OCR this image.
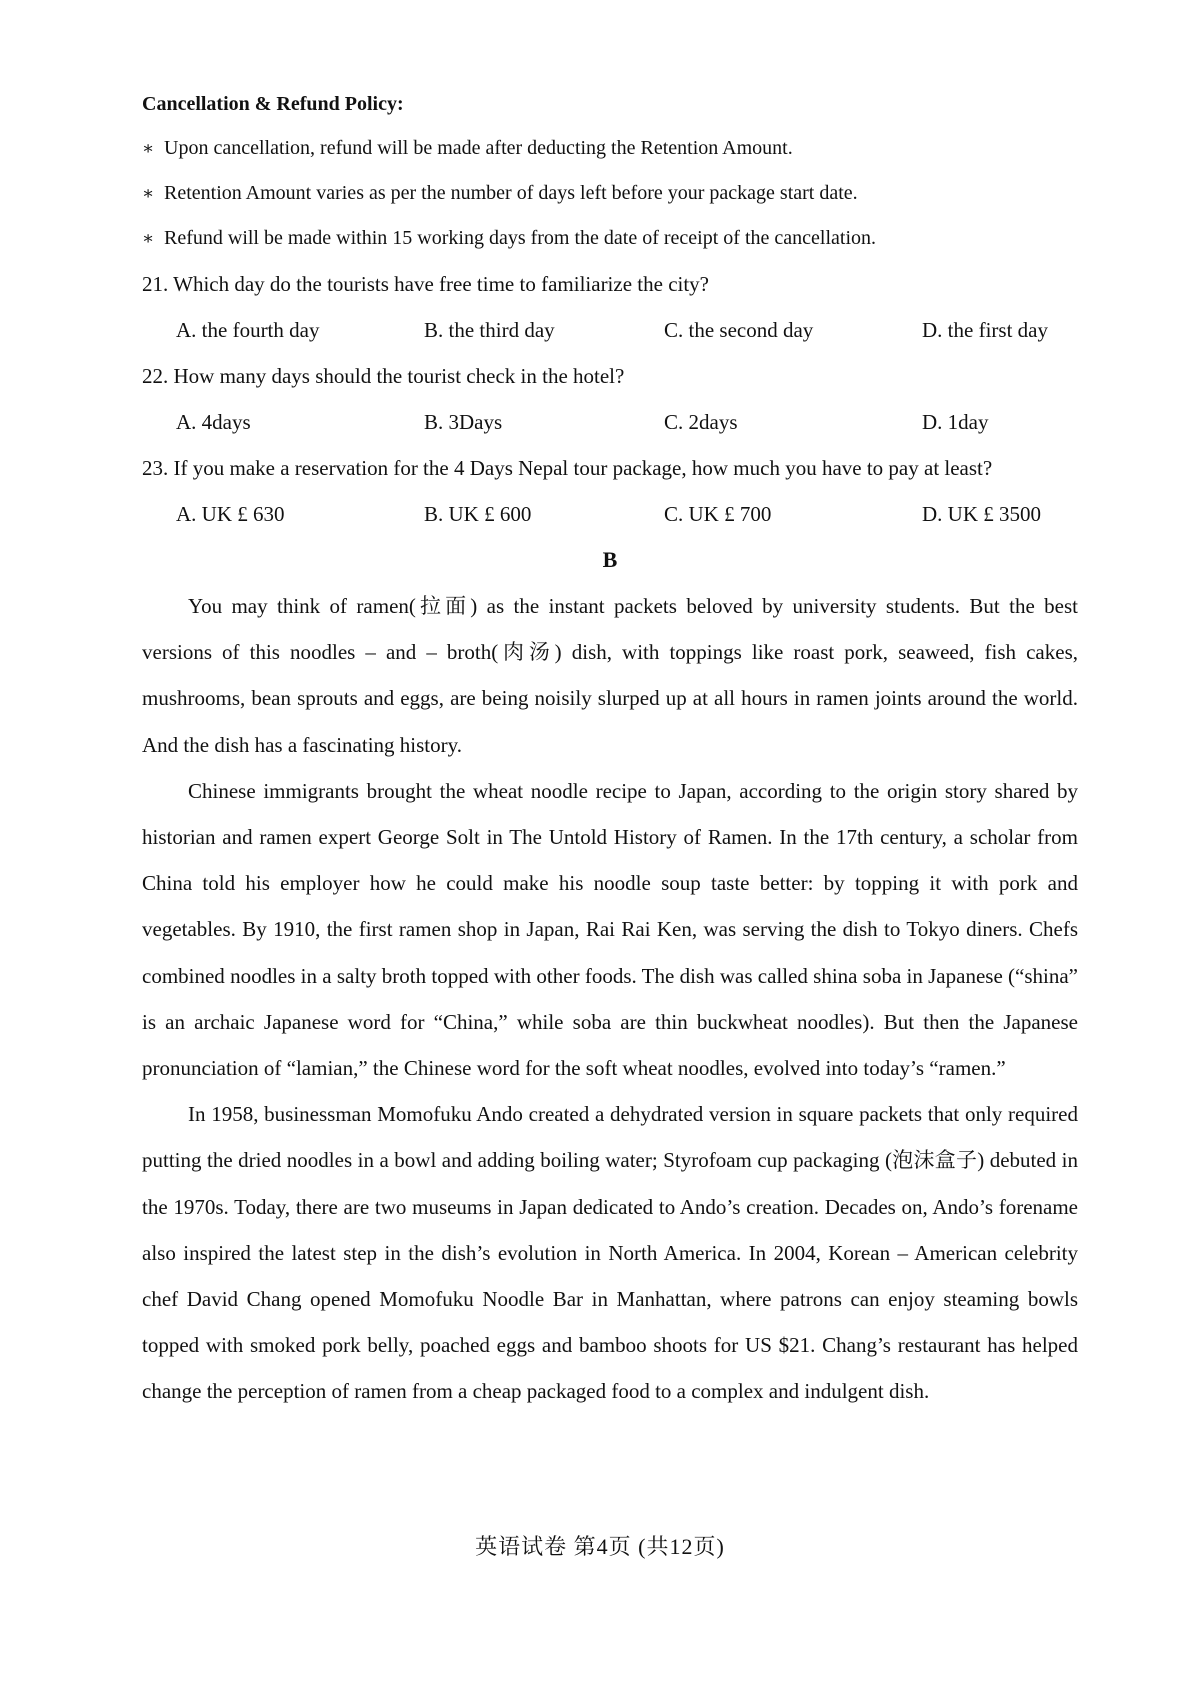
Cancellation & Refund Policy:
∗ Upon cancellation, refund will be made after deducting the Retention Amount.
∗ Retention Amount varies as per the number of days left before your package start date.
∗ Refund will be made within 15 working days from the date of receipt of the cancellation.
21. Which day do the tourists have free time to familiarize the city?
A. the fourth day	B. the third day	C. the second day	D. the first day
22. How many days should the tourist check in the hotel?
A. 4days	B. 3Days	C. 2days	D. 1day
23. If you make a reservation for the 4 Days Nepal tour package, how much you have to pay at least?
A. UK £ 630	B. UK £ 600	C. UK £ 700	D. UK £ 3500
B

You may think of ramen(拉面) as the instant packets beloved by university students. But the best versions of this noodles – and – broth(肉汤) dish, with toppings like roast pork, seaweed, fish cakes, mushrooms, bean sprouts and eggs, are being noisily slurped up at all hours in ramen joints around the world. And the dish has a fascinating history.

Chinese immigrants brought the wheat noodle recipe to Japan, according to the origin story shared by historian and ramen expert George Solt in The Untold History of Ramen. In the 17th century, a scholar from China told his employer how he could make his noodle soup taste better: by topping it with pork and vegetables. By 1910, the first ramen shop in Japan, Rai Rai Ken, was serving the dish to Tokyo diners. Chefs combined noodles in a salty broth topped with other foods. The dish was called shina soba in Japanese (“shina” is an archaic Japanese word for “China,” while soba are thin buckwheat noodles). But then the Japanese pronunciation of “lamian,” the Chinese word for the soft wheat noodles, evolved into today’s “ramen.”

In 1958, businessman Momofuku Ando created a dehydrated version in square packets that only required putting the dried noodles in a bowl and adding boiling water; Styrofoam cup packaging (泡沫盒子) debuted in the 1970s. Today, there are two museums in Japan dedicated to Ando’s creation. Decades on, Ando’s forename also inspired the latest step in the dish’s evolution in North America. In 2004, Korean – American celebrity chef David Chang opened Momofuku Noodle Bar in Manhattan, where patrons can enjoy steaming bowls topped with smoked pork belly, poached eggs and bamboo shoots for US $21. Chang’s restaurant has helped change the perception of ramen from a cheap packaged food to a complex and indulgent dish.

英语试卷 第4页 (共12页)
